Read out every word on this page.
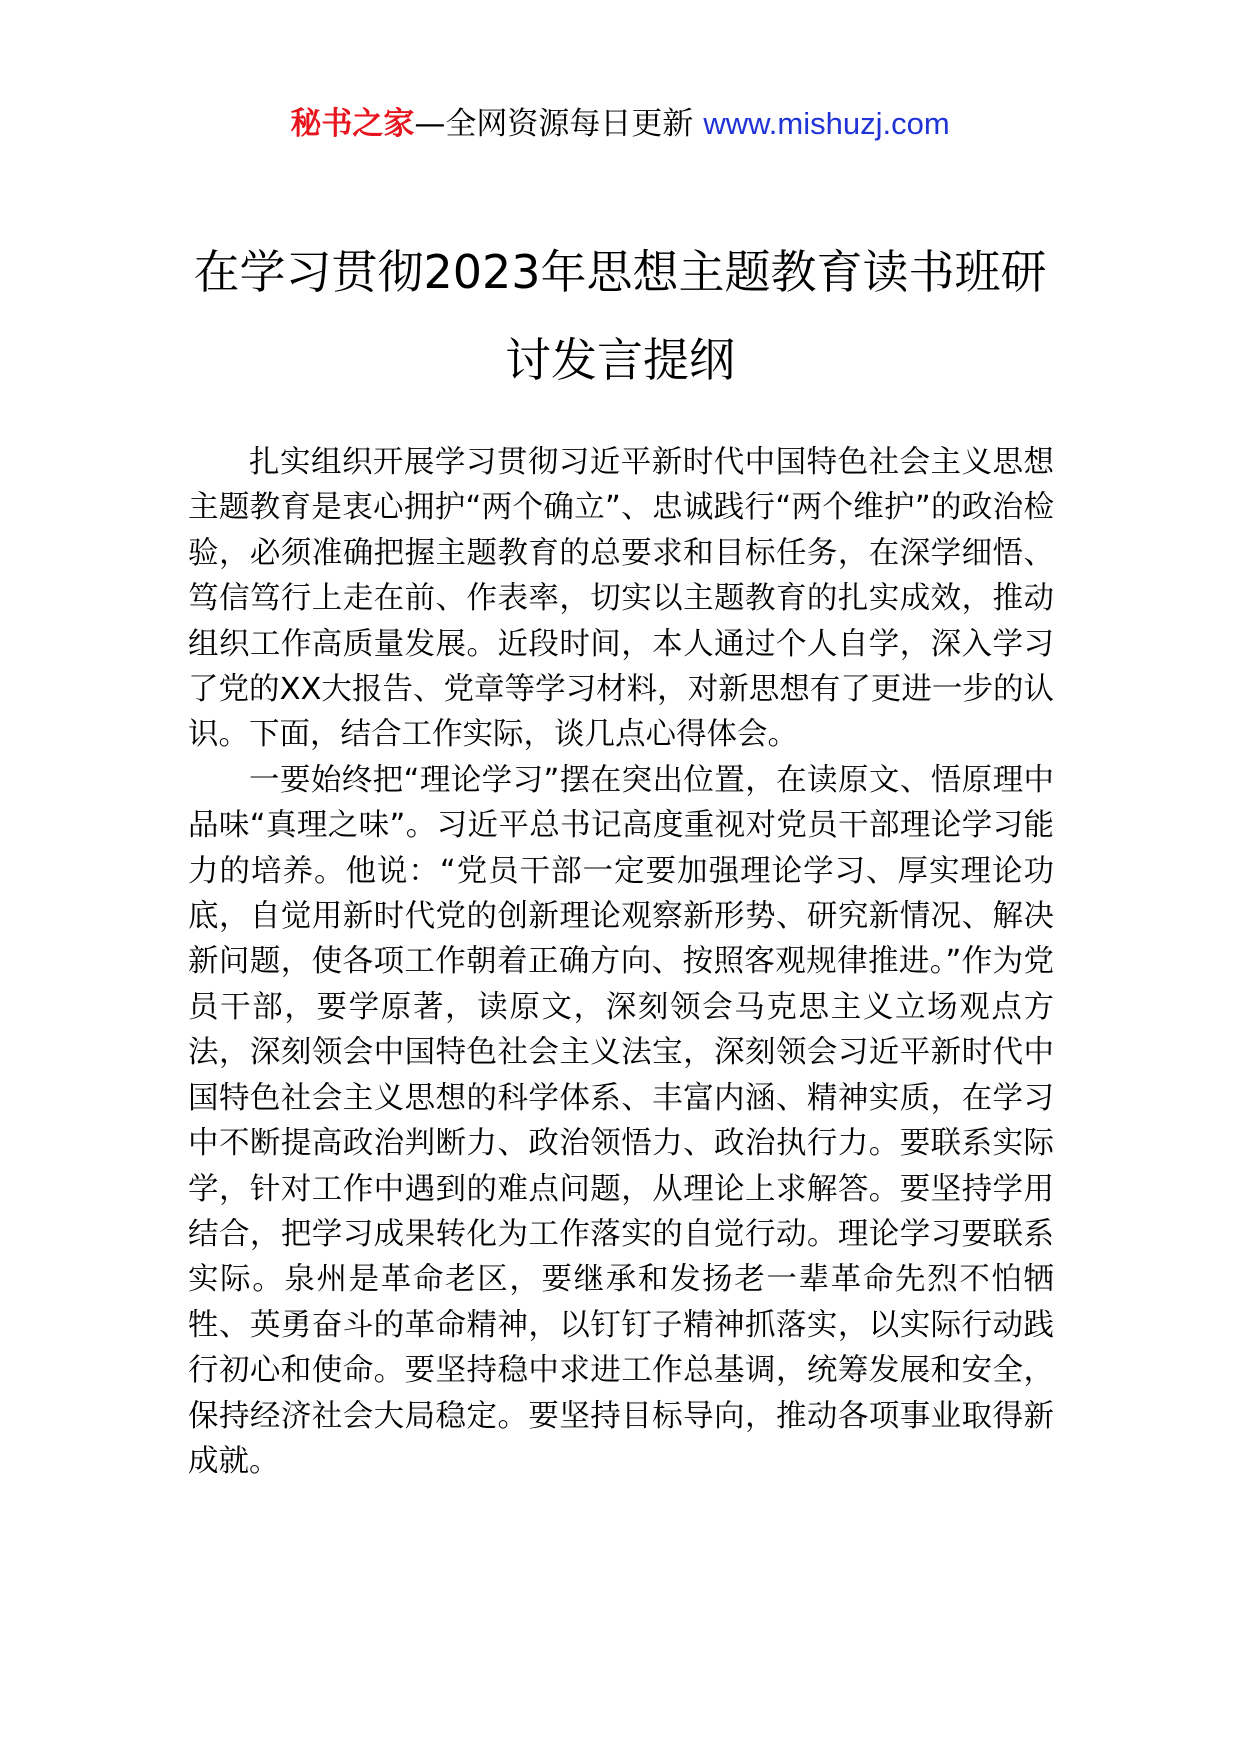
秘书之家—全网资源每日更新 www.mishuzj.com
在学习贯彻2023年思想主题教育读书班研
讨发言提纲

扎实组织开展学习贯彻习近平新时代中国特色社会主义思想主题教育是衷心拥护“两个确立”、忠诚践行“两个维护”的政治检验，必须准确把握主题教育的总要求和目标任务，在深学细悟、笃信笃行上走在前、作表率，切实以主题教育的扎实成效，推动组织工作高质量发展。近段时间，本人通过个人自学，深入学习了党的XX大报告、党章等学习材料，对新思想有了更进一步的认识。下面，结合工作实际，谈几点心得体会。

一要始终把“理论学习”摆在突出位置，在读原文、悟原理中品味“真理之味”。习近平总书记高度重视对党员干部理论学习能力的培养。他说：“党员干部一定要加强理论学习、厚实理论功底，自觉用新时代党的创新理论观察新形势、研究新情况、解决新问题，使各项工作朝着正确方向、按照客观规律推进。”作为党员干部，要学原著，读原文，深刻领会马克思主义立场观点方法，深刻领会中国特色社会主义法宝，深刻领会习近平新时代中国特色社会主义思想的科学体系、丰富内涵、精神实质，在学习中不断提高政治判断力、政治领悟力、政治执行力。要联系实际学，针对工作中遇到的难点问题，从理论上求解答。要坚持学用结合，把学习成果转化为工作落实的自觉行动。理论学习要联系实际。泉州是革命老区，要继承和发扬老一辈革命先烈不怕牺牲、英勇奋斗的革命精神，以钉钉子精神抓落实，以实际行动践行初心和使命。要坚持稳中求进工作总基调，统筹发展和安全，保持经济社会大局稳定。要坚持目标导向，推动各项事业取得新成就。
